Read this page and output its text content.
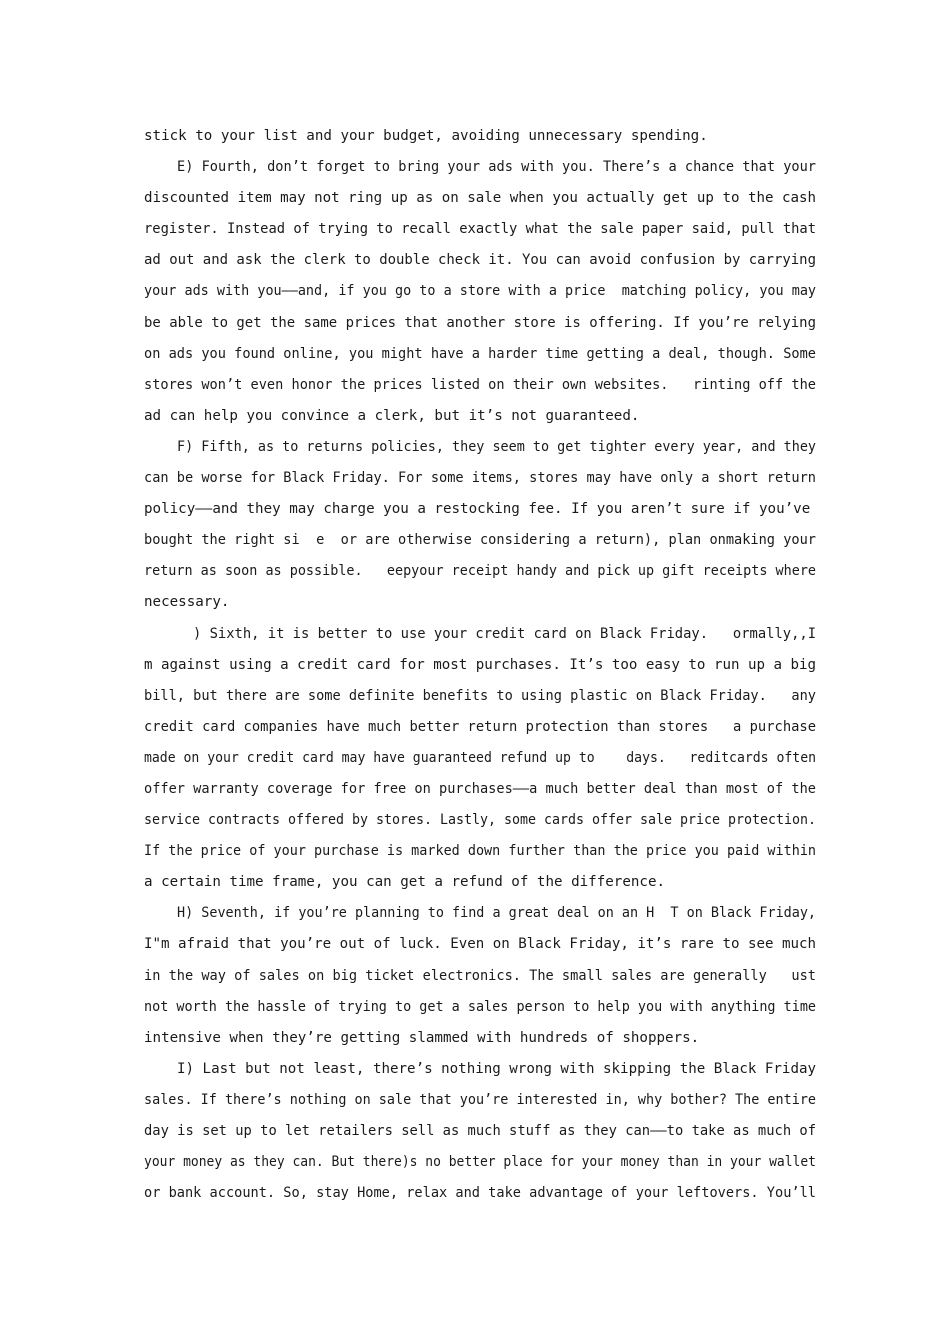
stick to your list and your budget, avoiding unnecessary spending.
E) Fourth, don’t forget to bring your ads with you. There’s a chance that your
discounted item may not ring up as on sale when you actually get up to the cash
register. Instead of trying to recall exactly what the sale paper said, pull that
ad out and ask the clerk to double check it. You can avoid confusion by carrying
your ads with you——and, if you go to a store with a price  matching policy, you may
be able to get the same prices that another store is offering. If you’re relying
on ads you found online, you might have a harder time getting a deal, though. Some
stores won’t even honor the prices listed on their own websites.   rinting off the
ad can help you convince a clerk, but it’s not guaranteed.
F) Fifth, as to returns policies, they seem to get tighter every year, and they
can be worse for Black Friday. For some items, stores may have only a short return
policy——and they may charge you a restocking fee. If you aren’t sure if you’ve
bought the right si  e  or are otherwise considering a return), plan onmaking your
return as soon as possible.   eepyour receipt handy and pick up gift receipts where
necessary.
) Sixth, it is better to use your credit card on Black Friday.   ormally,,I
m against using a credit card for most purchases. It’s too easy to run up a big
bill, but there are some definite benefits to using plastic on Black Friday.   any
credit card companies have much better return protection than stores   a purchase
made on your credit card may have guaranteed refund up to    days.   reditcards often
offer warranty coverage for free on purchases——a much better deal than most of the
service contracts offered by stores. Lastly, some cards offer sale price protection.
If the price of your purchase is marked down further than the price you paid within
a certain time frame, you can get a refund of the difference.
H) Seventh, if you’re planning to find a great deal on an H  T on Black Friday,
I"m afraid that you’re out of luck. Even on Black Friday, it’s rare to see much
in the way of sales on big ticket electronics. The small sales are generally   ust
not worth the hassle of trying to get a sales person to help you with anything time
intensive when they’re getting slammed with hundreds of shoppers.
I) Last but not least, there’s nothing wrong with skipping the Black Friday
sales. If there’s nothing on sale that you’re interested in, why bother? The entire
day is set up to let retailers sell as much stuff as they can——to take as much of
your money as they can. But there)s no better place for your money than in your wallet
or bank account. So, stay Home, relax and take advantage of your leftovers. You’ll
